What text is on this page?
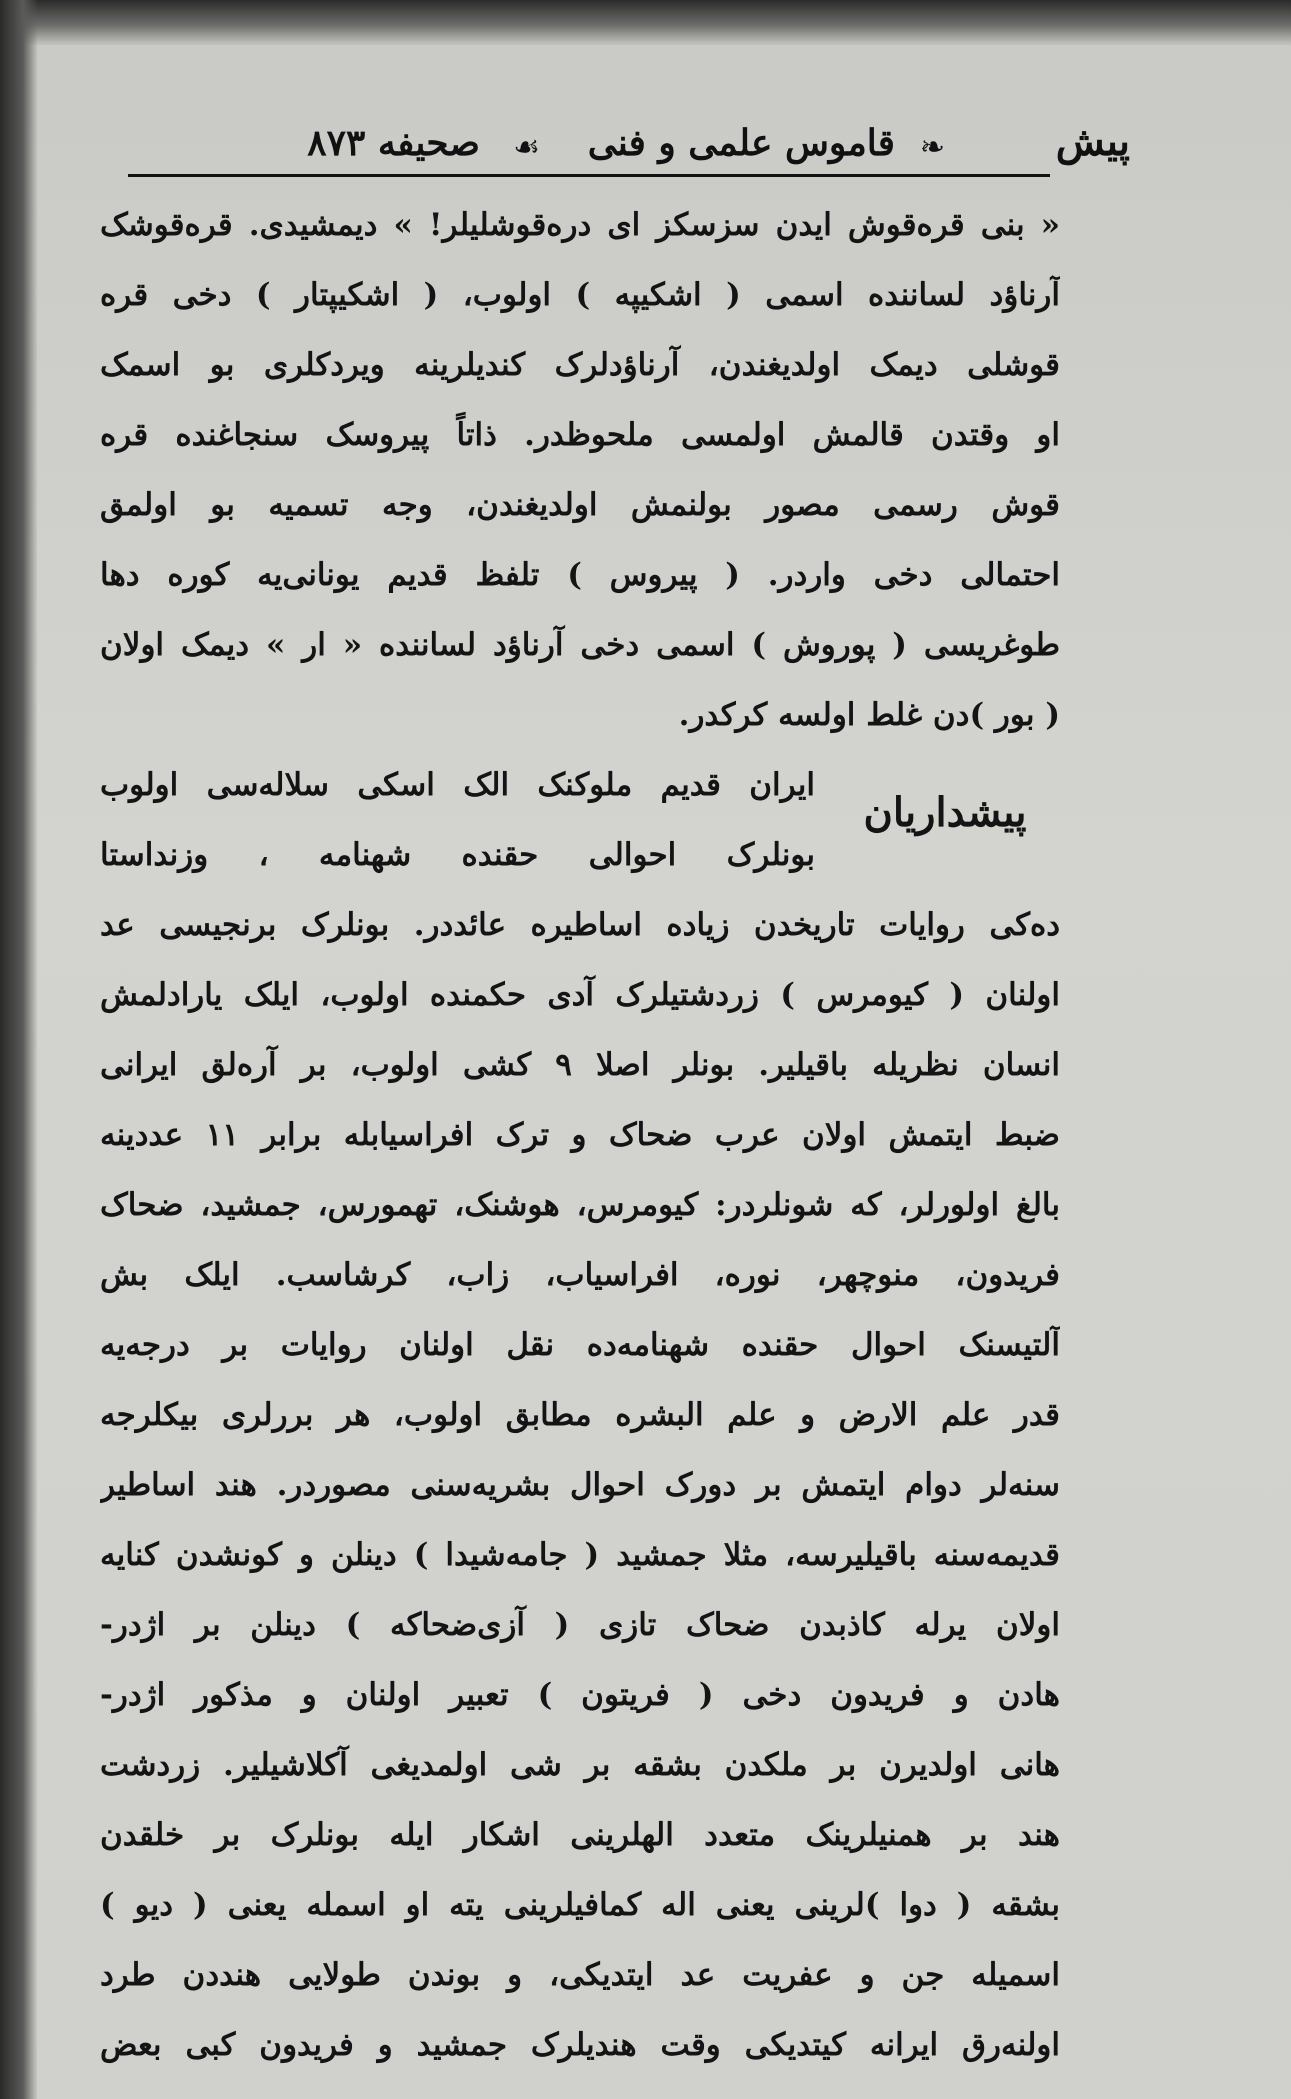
پیش
❧
قاموس علمی و فنی
☙
صحیفه ۸۷۳
« بنی قره‌قوش ایدن سزسکز ای دره‌قوشلیلر! » دیمشیدی. قره‌قوشک
آرناؤد لساننده اسمی ( اشکیپه ) اولوب، ( اشکیپتار ) دخی قره
قوشلی دیمک اولدیغندن، آرناؤدلرک کندیلرینه ویردکلری بو اسمک
او وقتدن قالمش اولمسی ملحوظدر. ذاتاً پیروسک سنجاغنده قره
قوش رسمی مصور بولنمش اولدیغندن، وجه تسمیه بو اولمق
احتمالی دخی واردر. ( پیروس ) تلفظ قدیم یونانی‌یه کوره دها
طوغریسی ( پوروش ) اسمی دخی آرناؤد لساننده « ار » دیمک اولان
( بور )دن غلط اولسه کرکدر.
پیشداریان
ایران قدیم ملوکنک الک اسکی سلاله‌سی اولوب
بونلرک احوالی حقنده شهنامه ، وزنداستا
ده‌کی روایات تاریخدن زیاده اساطیره عائددر. بونلرک برنجیسی عد
اولنان ( کیومرس ) زردشتیلرک آدی حکمنده اولوب، ایلک یارادلمش
انسان نظریله باقیلیر. بونلر اصلا ۹ کشی اولوب، بر آرەلق ایرانی
ضبط ایتمش اولان عرب ضحاک و ترک افراسیابله برابر ۱۱ عددینه
بالغ اولورلر، که شونلردر: کیومرس، هوشنک، تهمورس، جمشید، ضحاک
فریدون، منوچهر، نوره، افراسیاب، زاب، کرشاسب. ایلک بش
آلتیسنک احوال حقنده شهنامه‌ده نقل اولنان روایات بر درجه‌یه
قدر علم الارض و علم البشره مطابق اولوب، هر بررلری بیکلرجه
سنه‌لر دوام ایتمش بر دورک احوال بشریه‌سنی مصوردر. هند اساطیر
قدیمه‌سنه باقیلیرسه، مثلا جمشید ( جامه‌شیدا ) دینلن و کونشدن کنایه
اولان یرله کاذبدن ضحاک تازی ( آزی‌ضحاکه ) دینلن بر اژدر-
هادن و فریدون دخی ( فریتون ) تعبیر اولنان و مذکور اژدر-
هانی اولدیرن بر ملکدن بشقه بر شی اولمدیغی آکلاشیلیر. زردشت
هند بر همنیلرینک متعدد الهلرینی اشکار ایله بونلرک بر خلقدن
بشقه ( دوا )لرینی یعنی اله کمافیلرینی یته او اسمله یعنی ( دیو )
اسمیله جن و عفریت عد ایتدیکی، و بوندن طولایی هنددن طرد
اولنەرق ایرانه کیتدیکی وقت هندیلرک جمشید و فریدون کبی بعض
